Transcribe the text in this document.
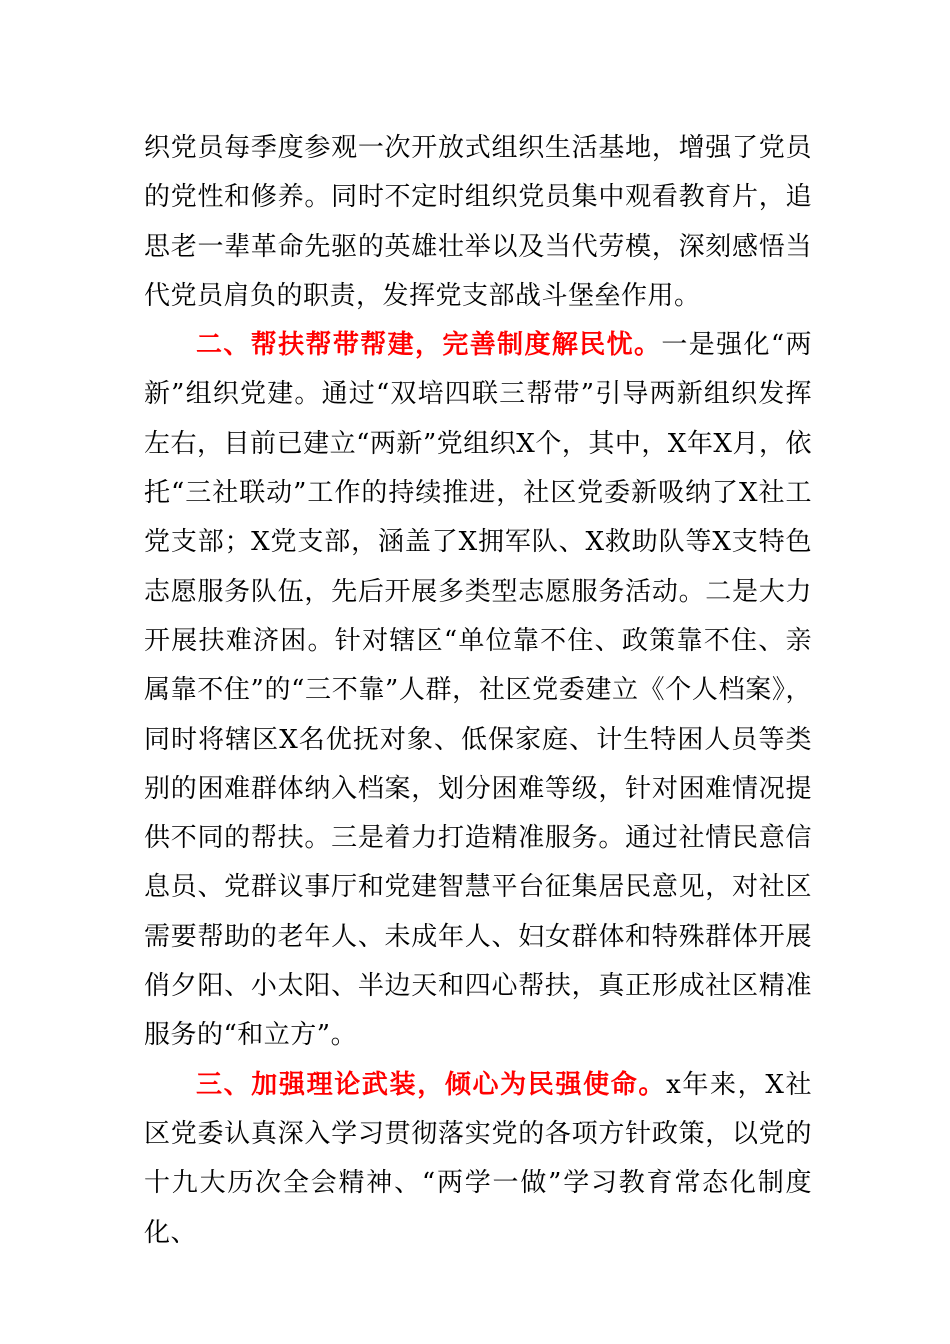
织党员每季度参观一次开放式组织生活基地，增强了党员的党性和修养。同时不定时组织党员集中观看教育片，追思老一辈革命先驱的英雄壮举以及当代劳模，深刻感悟当代党员肩负的职责，发挥党支部战斗堡垒作用。

二、帮扶帮带帮建，完善制度解民忧。一是强化“两新”组织党建。通过“双培四联三帮带”引导两新组织发挥左右，目前已建立“两新”党组织X个，其中，X年X月，依托“三社联动”工作的持续推进，社区党委新吸纳了X社工党支部；X党支部，涵盖了X拥军队、X救助队等X支特色志愿服务队伍，先后开展多类型志愿服务活动。二是大力开展扶难济困。针对辖区“单位靠不住、政策靠不住、亲属靠不住”的“三不靠”人群，社区党委建立《个人档案》，同时将辖区X名优抚对象、低保家庭、计生特困人员等类别的困难群体纳入档案，划分困难等级，针对困难情况提供不同的帮扶。三是着力打造精准服务。通过社情民意信息员、党群议事厅和党建智慧平台征集居民意见，对社区需要帮助的老年人、未成年人、妇女群体和特殊群体开展俏夕阳、小太阳、半边天和四心帮扶，真正形成社区精准服务的“和立方”。

三、加强理论武装，倾心为民强使命。x年来，X社区党委认真深入学习贯彻落实党的各项方针政策，以党的十九大历次全会精神、“两学一做”学习教育常态化制度化、
